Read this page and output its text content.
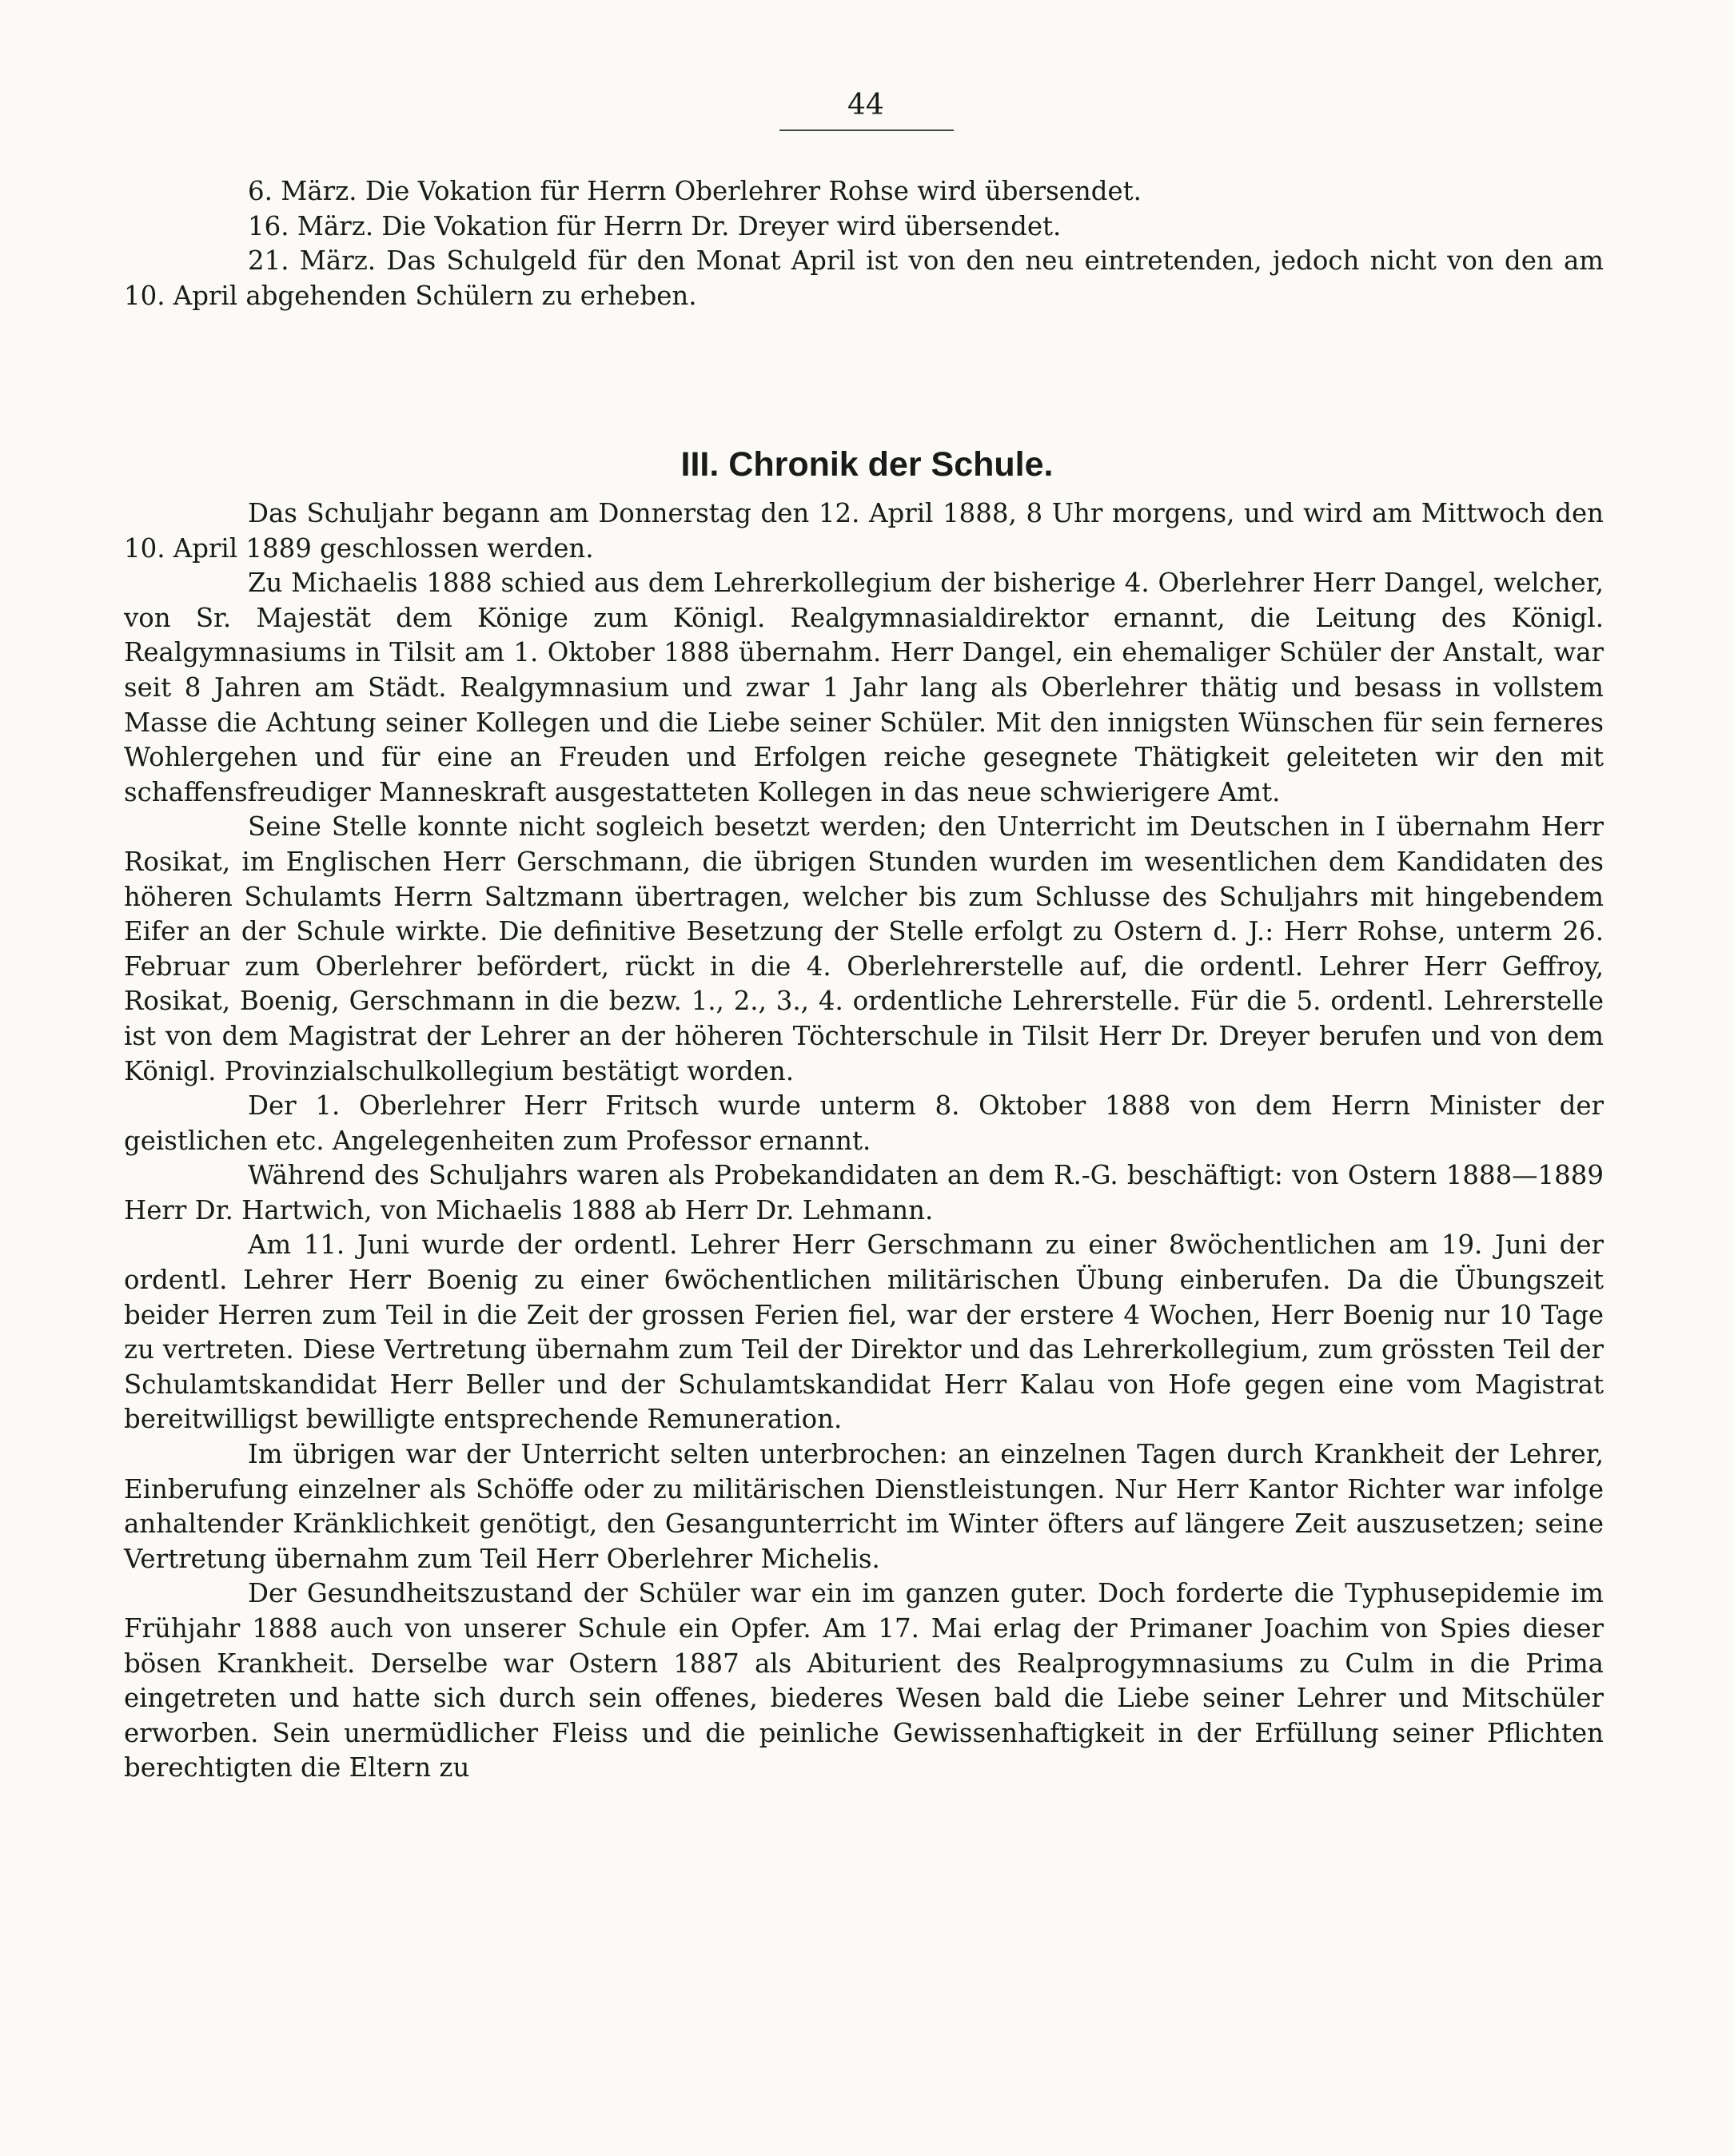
44

6. März. Die Vokation für Herrn Oberlehrer Rohse wird übersendet.

16. März. Die Vokation für Herrn Dr. Dreyer wird übersendet.

21. März. Das Schulgeld für den Monat April ist von den neu eintretenden, jedoch nicht von den am 10. April abgehenden Schülern zu erheben.

III. Chronik der Schule.

Das Schuljahr begann am Donnerstag den 12. April 1888, 8 Uhr morgens, und wird am Mittwoch den 10. April 1889 geschlossen werden.

Zu Michaelis 1888 schied aus dem Lehrerkollegium der bisherige 4. Oberlehrer Herr Dangel, welcher, von Sr. Majestät dem Könige zum Königl. Realgymnasialdirektor ernannt, die Leitung des Königl. Realgymnasiums in Tilsit am 1. Oktober 1888 übernahm. Herr Dangel, ein ehemaliger Schüler der Anstalt, war seit 8 Jahren am Städt. Realgymnasium und zwar 1 Jahr lang als Oberlehrer thätig und besass in vollstem Masse die Achtung seiner Kollegen und die Liebe seiner Schüler. Mit den innigsten Wünschen für sein ferneres Wohlergehen und für eine an Freuden und Erfolgen reiche gesegnete Thätigkeit geleiteten wir den mit schaffensfreudiger Manneskraft ausgestatteten Kollegen in das neue schwierigere Amt.

Seine Stelle konnte nicht sogleich besetzt werden; den Unterricht im Deutschen in I übernahm Herr Rosikat, im Englischen Herr Gerschmann, die übrigen Stunden wurden im wesentlichen dem Kandidaten des höheren Schulamts Herrn Saltzmann übertragen, welcher bis zum Schlusse des Schuljahrs mit hingebendem Eifer an der Schule wirkte. Die definitive Besetzung der Stelle erfolgt zu Ostern d. J.: Herr Rohse, unterm 26. Februar zum Oberlehrer befördert, rückt in die 4. Oberlehrerstelle auf, die ordentl. Lehrer Herr Geffroy, Rosikat, Boenig, Gerschmann in die bezw. 1., 2., 3., 4. ordentliche Lehrerstelle. Für die 5. ordentl. Lehrerstelle ist von dem Magistrat der Lehrer an der höheren Töchterschule in Tilsit Herr Dr. Dreyer berufen und von dem Königl. Provinzialschulkollegium bestätigt worden.

Der 1. Oberlehrer Herr Fritsch wurde unterm 8. Oktober 1888 von dem Herrn Minister der geistlichen etc. Angelegenheiten zum Professor ernannt.

Während des Schuljahrs waren als Probekandidaten an dem R.-G. beschäftigt: von Ostern 1888—1889 Herr Dr. Hartwich, von Michaelis 1888 ab Herr Dr. Lehmann.

Am 11. Juni wurde der ordentl. Lehrer Herr Gerschmann zu einer 8wöchentlichen am 19. Juni der ordentl. Lehrer Herr Boenig zu einer 6wöchentlichen militärischen Übung einberufen. Da die Übungszeit beider Herren zum Teil in die Zeit der grossen Ferien fiel, war der erstere 4 Wochen, Herr Boenig nur 10 Tage zu vertreten. Diese Vertretung übernahm zum Teil der Direktor und das Lehrerkollegium, zum grössten Teil der Schulamtskandidat Herr Beller und der Schulamtskandidat Herr Kalau von Hofe gegen eine vom Magistrat bereitwilligst bewilligte entsprechende Remuneration.

Im übrigen war der Unterricht selten unterbrochen: an einzelnen Tagen durch Krankheit der Lehrer, Einberufung einzelner als Schöffe oder zu militärischen Dienstleistungen. Nur Herr Kantor Richter war infolge anhaltender Kränklichkeit genötigt, den Gesangunterricht im Winter öfters auf längere Zeit auszusetzen; seine Vertretung übernahm zum Teil Herr Oberlehrer Michelis.

Der Gesundheitszustand der Schüler war ein im ganzen guter. Doch forderte die Typhusepidemie im Frühjahr 1888 auch von unserer Schule ein Opfer. Am 17. Mai erlag der Primaner Joachim von Spies dieser bösen Krankheit. Derselbe war Ostern 1887 als Abiturient des Realprogymnasiums zu Culm in die Prima eingetreten und hatte sich durch sein offenes, biederes Wesen bald die Liebe seiner Lehrer und Mitschüler erworben. Sein unermüdlicher Fleiss und die peinliche Gewissenhaftigkeit in der Erfüllung seiner Pflichten berechtigten die Eltern zu
